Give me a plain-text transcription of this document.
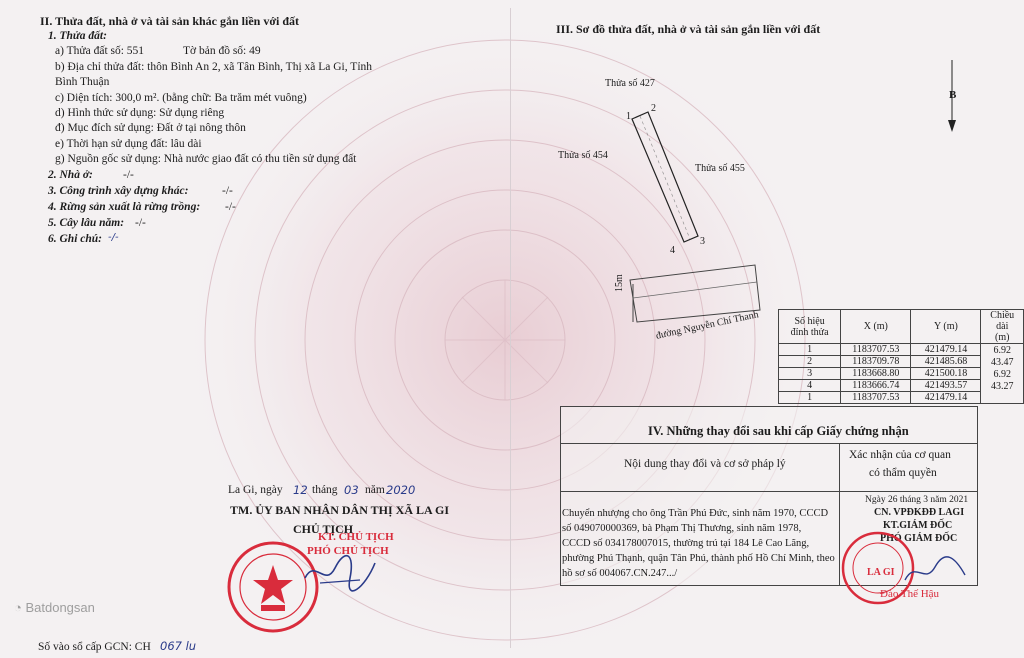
II. Thửa đất, nhà ở và tài sản khác gắn liền với đất
1. Thửa đất:
a) Thửa đất số: 551	Tờ bản đồ số: 49
b) Địa chỉ thửa đất: thôn Bình An 2, xã Tân Bình, Thị xã La Gi, Tỉnh
Bình Thuận
c) Diện tích: 300,0 m². (bằng chữ: Ba trăm mét vuông)
d) Hình thức sử dụng: Sử dụng riêng
đ) Mục đích sử dụng: Đất ở tại nông thôn
e) Thời hạn sử dụng đất: lâu dài
g) Nguồn gốc sử dụng: Nhà nước giao đất có thu tiền sử dụng đất
2. Nhà ở:	-/-
3. Công trình xây dựng khác:	-/-
4. Rừng sản xuất là rừng trồng: -/-
5. Cây lâu năm: -/-
6. Ghi chú: -/-
La Gi, ngày 12 tháng 03 năm 2020
TM. ỦY BAN NHÂN DÂN THỊ XÃ LA GI
CHỦ TỊCH
KT. CHỦ TỊCH
PHÓ CHỦ TỊCH
Số vào sổ cấp GCN: CH 067 lu
◔ Batdongsan
III. Sơ đồ thửa đất, nhà ở và tài sản gắn liền với đất
B
Thửa số 427
Thửa số 454
Thửa số 455
1
2
3
4
15m
đường Nguyễn Chí Thanh	Số hiệu
đỉnh thửa	X (m)	Y (m)	Chiều dài
(m)
1	1183707.53	421479.14	6.92
2	1183709.78	421485.68	43.47
3	1183668.80	421500.18	6.92
4	1183666.74	421493.57	43.27
1	1183707.53	421479.14	
IV. Những thay đổi sau khi cấp Giấy chứng nhận
Nội dung thay đổi và cơ sở pháp lý
Xác nhận của cơ quan
có thẩm quyền
Chuyển nhượng cho ông Trần Phú Đức, sinh năm 1970, CCCD
số 049070000369, bà Phạm Thị Thương, sinh năm 1978,
CCCD số 034178007015, thường trú tại 184 Lê Cao Lãng,
phường Phú Thạnh, quận Tân Phú, thành phố Hồ Chí Minh, theo
hồ sơ số 004067.CN.247.../
Ngày 26 tháng 3 năm 2021
CN. VPĐKĐĐ LAGI
KT.GIÁM ĐỐC
PHÓ GIÁM ĐỐC
LA GI
Đào Thế Hậu
